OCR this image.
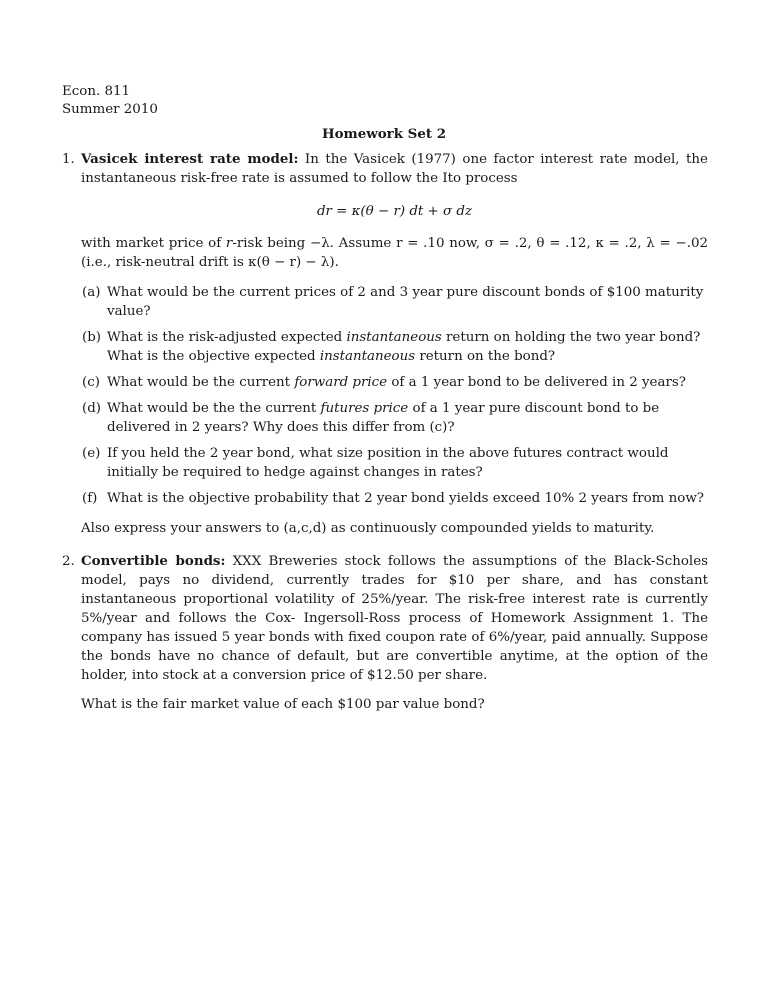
Econ. 811
Summer 2010
Homework Set 2
1. Vasicek interest rate model: In the Vasicek (1977) one factor interest rate model, the instantaneous risk-free rate is assumed to follow the Ito process

dr = κ(θ − r) dt + σ dz

with market price of r-risk being −λ. Assume r = .10 now, σ = .2, θ = .12, κ = .2, λ = −.02 (i.e., risk-neutral drift is κ(θ − r) − λ).

(a) What would be the current prices of 2 and 3 year pure discount bonds of $100 maturity value?
(b) What is the risk-adjusted expected instantaneous return on holding the two year bond? What is the objective expected instantaneous return on the bond?
(c) What would be the current forward price of a 1 year bond to be delivered in 2 years?
(d) What would be the the current futures price of a 1 year pure discount bond to be delivered in 2 years? Why does this differ from (c)?
(e) If you held the 2 year bond, what size position in the above futures contract would initially be required to hedge against changes in rates?
(f) What is the objective probability that 2 year bond yields exceed 10% 2 years from now?

Also express your answers to (a,c,d) as continuously compounded yields to maturity.

2. Convertible bonds: XXX Breweries stock follows the assumptions of the Black-Scholes model, pays no dividend, currently trades for $10 per share, and has constant instantaneous proportional volatility of 25%/year. The risk-free interest rate is currently 5%/year and follows the Cox- Ingersoll-Ross process of Homework Assignment 1. The company has issued 5 year bonds with fixed coupon rate of 6%/year, paid annually. Suppose the bonds have no chance of default, but are convertible anytime, at the option of the holder, into stock at a conversion price of $12.50 per share.

What is the fair market value of each $100 par value bond?
